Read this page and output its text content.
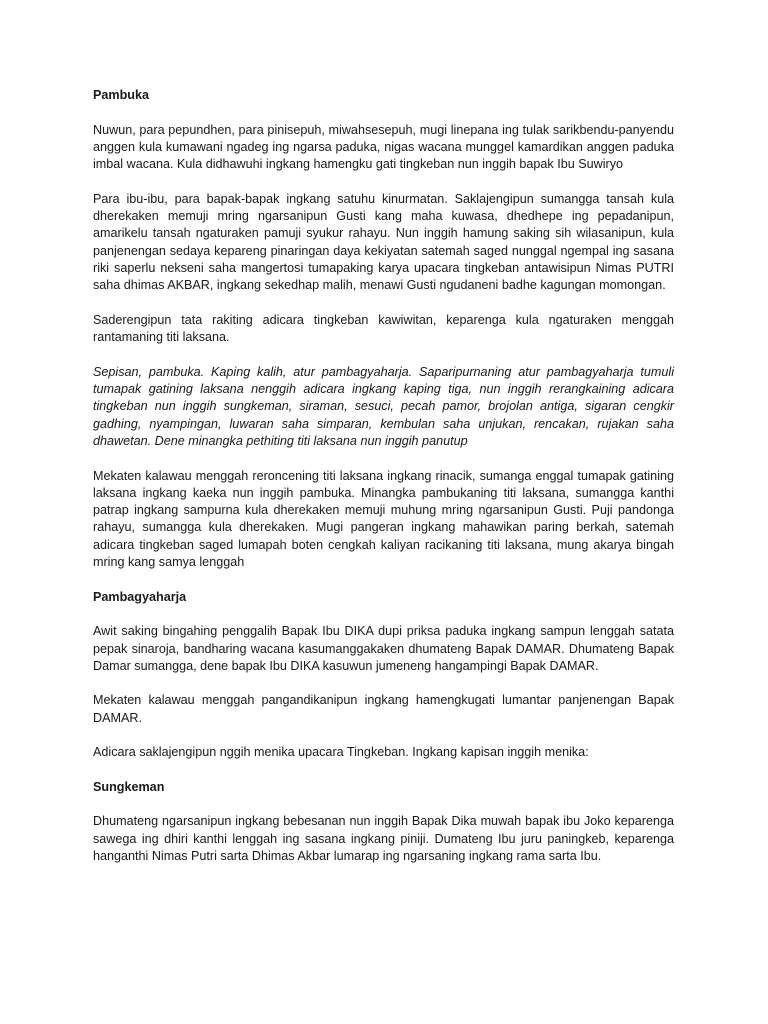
Pambuka

Nuwun, para pepundhen, para pinisepuh, miwahsesepuh, mugi linepana ing tulak sarikbendu-panyendu anggen kula kumawani ngadeg ing ngarsa paduka, nigas wacana munggel kamardikan anggen paduka imbal wacana. Kula didhawuhi ingkang hamengku gati tingkeban nun inggih bapak Ibu Suwiryo

Para ibu-ibu, para bapak-bapak ingkang satuhu kinurmatan. Saklajengipun sumangga tansah kula dherekaken memuji mring ngarsanipun Gusti kang maha kuwasa, dhedhepe ing pepadanipun, amarikelu tansah ngaturaken pamuji syukur rahayu. Nun inggih hamung saking sih wilasanipun, kula panjenengan sedaya kepareng pinaringan daya kekiyatan satemah saged nunggal ngempal ing sasana riki saperlu nekseni saha mangertosi tumapaking karya upacara tingkeban antawisipun Nimas PUTRI saha dhimas AKBAR, ingkang sekedhap malih, menawi Gusti ngudaneni badhe kagungan momongan.

Saderengipun tata rakiting adicara tingkeban kawiwitan, keparenga kula ngaturaken menggah rantamaning titi laksana.

Sepisan, pambuka. Kaping kalih, atur pambagyaharja. Saparipurnaning atur pambagyaharja tumuli tumapak gatining laksana nenggih adicara ingkang kaping tiga, nun inggih rerangkaining adicara tingkeban nun inggih sungkeman, siraman, sesuci, pecah pamor, brojolan antiga, sigaran cengkir gadhing, nyampingan, luwaran saha simparan, kembulan saha unjukan, rencakan, rujakan saha dhawetan. Dene minangka pethiting titi laksana nun inggih panutup

Mekaten kalawau menggah reroncening titi laksana ingkang rinacik, sumanga enggal tumapak gatining laksana ingkang kaeka nun inggih pambuka. Minangka pambukaning titi laksana, sumangga kanthi patrap ingkang sampurna kula dherekaken memuji muhung mring ngarsanipun Gusti. Puji pandonga rahayu, sumangga kula dherekaken. Mugi pangeran ingkang mahawikan paring berkah, satemah adicara tingkeban saged lumapah boten cengkah kaliyan racikaning titi laksana, mung akarya bingah mring kang samya lenggah

Pambagyaharja

Awit saking bingahing penggalih Bapak Ibu DIKA dupi priksa paduka ingkang sampun lenggah satata pepak sinaroja, bandharing wacana kasumanggakaken dhumateng Bapak DAMAR. Dhumateng Bapak Damar sumangga, dene bapak Ibu DIKA kasuwun jumeneng hangampingi Bapak DAMAR.

Mekaten kalawau menggah pangandikanipun ingkang hamengkugati lumantar panjenengan Bapak DAMAR.

Adicara saklajengipun nggih menika upacara Tingkeban. Ingkang kapisan inggih menika:

Sungkeman

Dhumateng ngarsanipun ingkang bebesanan nun inggih Bapak Dika muwah bapak ibu Joko keparenga sawega ing dhiri kanthi lenggah ing sasana ingkang piniji. Dumateng Ibu juru paningkeb, keparenga hanganthi Nimas Putri sarta Dhimas Akbar lumarap ing ngarsaning ingkang rama sarta Ibu.
